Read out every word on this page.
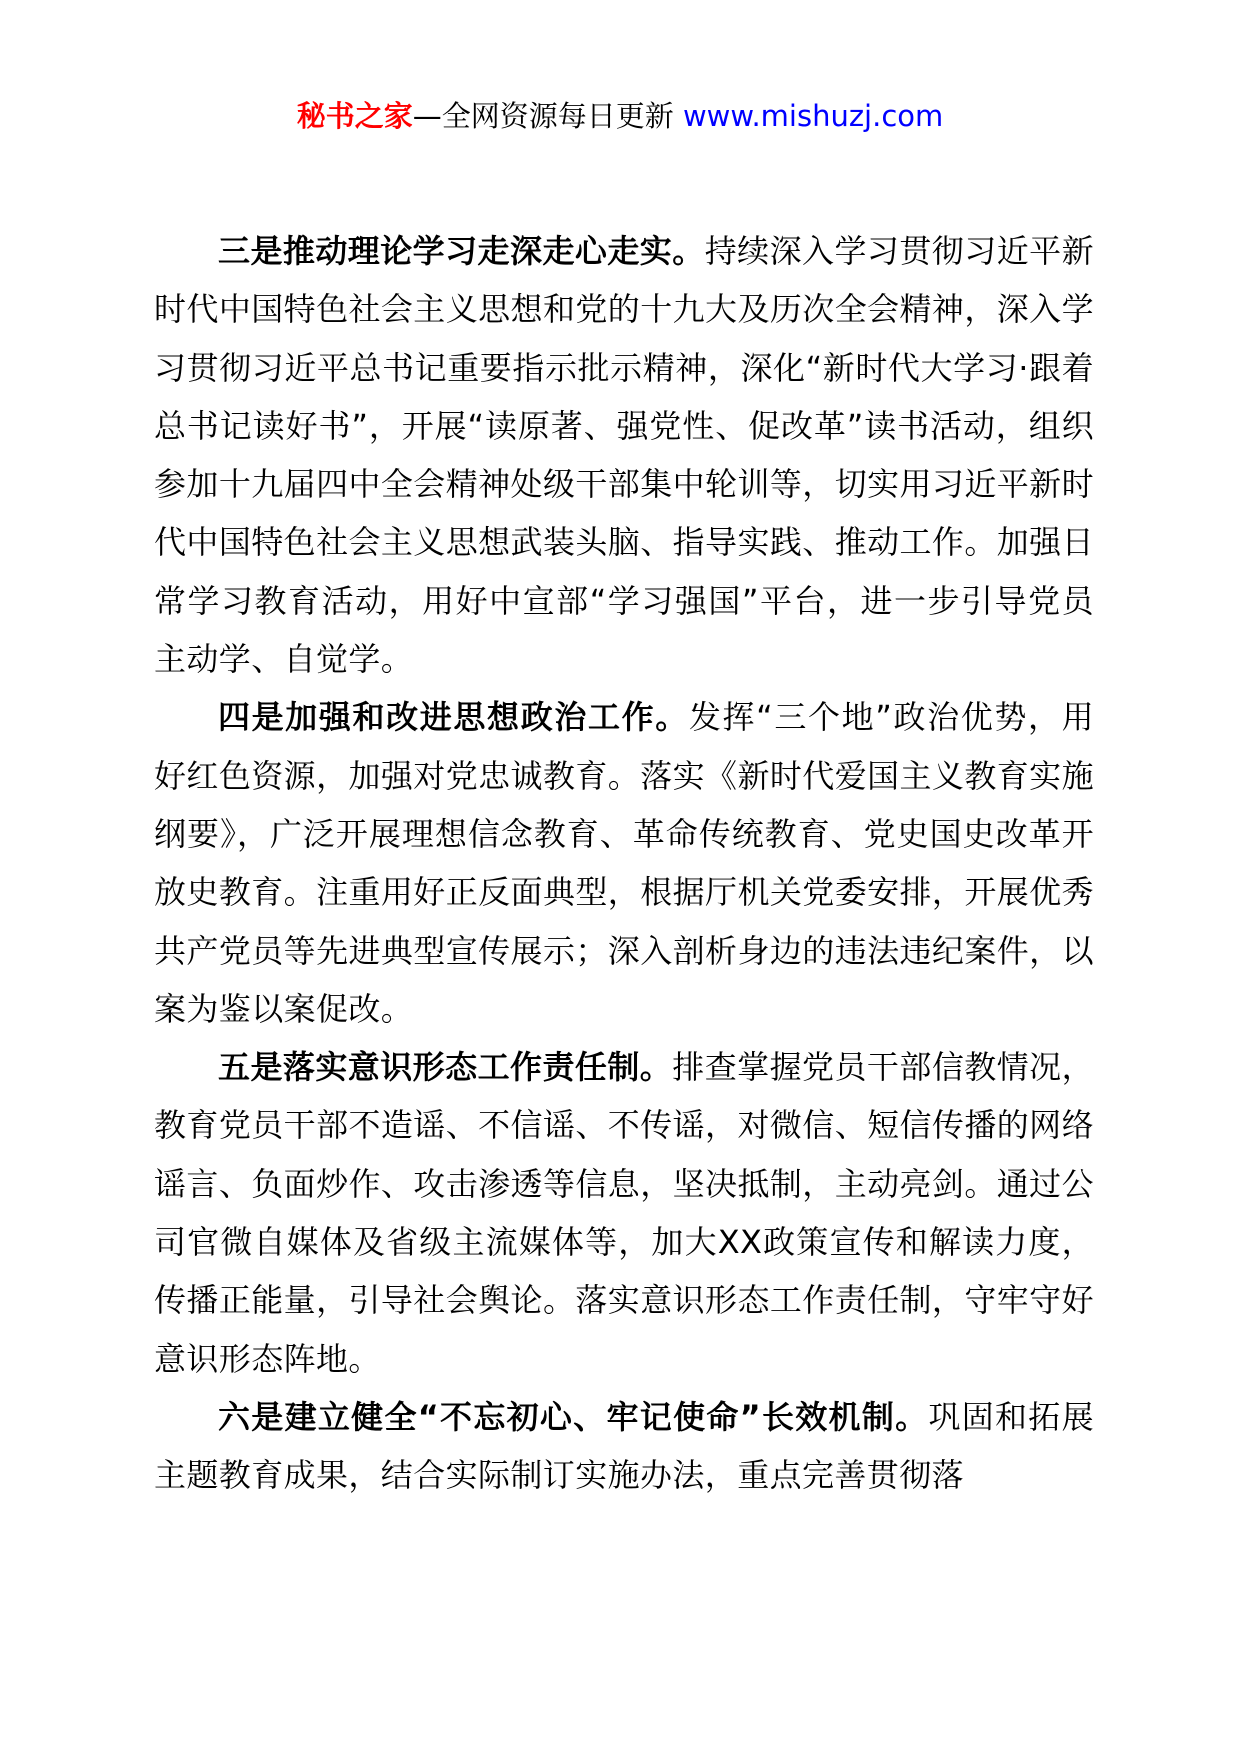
秘书之家—全网资源每日更新 www.mishuzj.com

三是推动理论学习走深走心走实。持续深入学习贯彻习近平新时代中国特色社会主义思想和党的十九大及历次全会精神，深入学习贯彻习近平总书记重要指示批示精神，深化“新时代大学习·跟着总书记读好书”，开展“读原著、强党性、促改革”读书活动，组织参加十九届四中全会精神处级干部集中轮训等，切实用习近平新时代中国特色社会主义思想武装头脑、指导实践、推动工作。加强日常学习教育活动，用好中宣部“学习强国”平台，进一步引导党员主动学、自觉学。

四是加强和改进思想政治工作。发挥“三个地”政治优势，用好红色资源，加强对党忠诚教育。落实《新时代爱国主义教育实施纲要》，广泛开展理想信念教育、革命传统教育、党史国史改革开放史教育。注重用好正反面典型，根据厅机关党委安排，开展优秀共产党员等先进典型宣传展示；深入剖析身边的违法违纪案件，以案为鉴以案促改。

五是落实意识形态工作责任制。排查掌握党员干部信教情况，教育党员干部不造谣、不信谣、不传谣，对微信、短信传播的网络谣言、负面炒作、攻击渗透等信息，坚决抵制，主动亮剑。通过公司官微自媒体及省级主流媒体等，加大XX政策宣传和解读力度，传播正能量，引导社会舆论。落实意识形态工作责任制，守牢守好意识形态阵地。

六是建立健全“不忘初心、牢记使命”长效机制。巩固和拓展主题教育成果，结合实际制订实施办法，重点完善贯彻落
